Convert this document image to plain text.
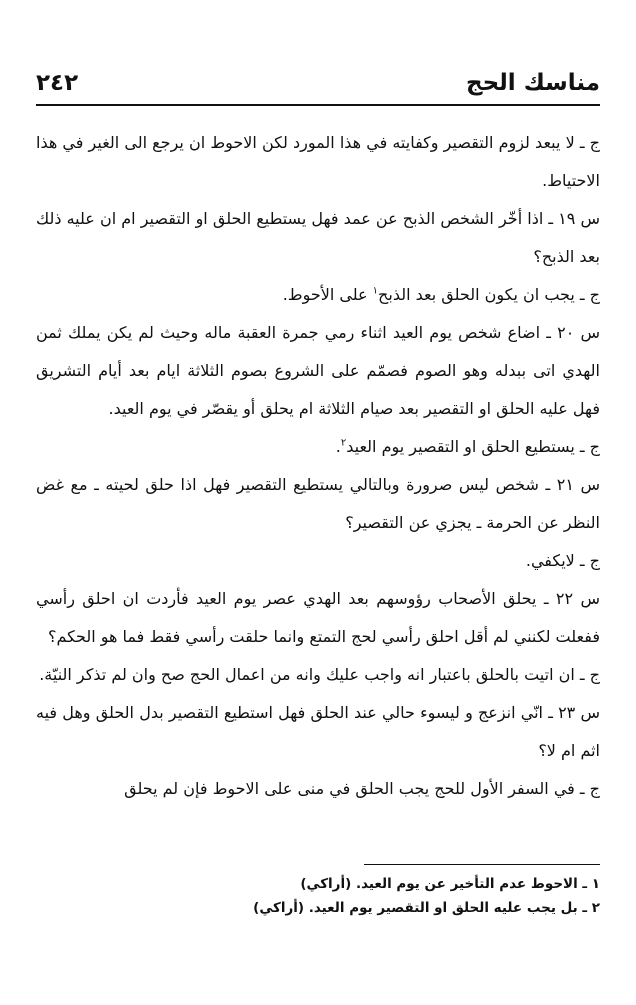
مناسك الحج
٢٤٢

ج ـ لا يبعد لزوم التقصير وكفايته في هذا المورد لكن الاحوط ان يرجع الى الغير في هذا الاحتياط.

س ١٩ ـ اذا أخّر الشخص الذبح عن عمد فهل يستطيع الحلق او التقصير ام ان عليه ذلك بعد الذبح؟

ج ـ يجب ان يكون الحلق بعد الذبح$^١$ على الأحوط.

س ٢٠ ـ اضاع شخص يوم العيد اثناء رمي جمرة العقبة ماله وحيث لم يكن يملك ثمن الهدي اتى ببدله وهو الصوم فصمّم على الشروع بصوم الثلاثة ايام بعد أيام التشريق فهل عليه الحلق او التقصير بعد صيام الثلاثة ام يحلق أو يقصّر في يوم العيد.

ج ـ يستطيع الحلق او التقصير يوم العيد$^٢$.

س ٢١ ـ شخص ليس صرورة وبالتالي يستطيع التقصير فهل اذا حلق لحيته ـ مع غض النظر عن الحرمة ـ يجزي عن التقصير؟

ج ـ لايكفي.

س ٢٢ ـ يحلق الأصحاب رؤوسهم بعد الهدي عصر يوم العيد فأردت ان احلق رأسي ففعلت لكنني لم أقل احلق رأسي لحج التمتع وانما حلقت رأسي فقط فما هو الحكم؟

ج ـ ان اتيت بالحلق باعتبار انه واجب عليك وانه من اعمال الحج صح وان لم تذكر النيّة.

س ٢٣ ـ انّي انزعج و ليسوء حالي عند الحلق فهل استطيع التقصير بدل الحلق وهل فيه اثم ام لا؟

ج ـ في السفر الأول للحج يجب الحلق في منى على الاحوط فإن لم يحلق

١ ـ الاحوط عدم التأخير عن يوم العيد. (أراكي)

٢ ـ بل يجب عليه الحلق او التقصير يوم العيد. (أراكي)
